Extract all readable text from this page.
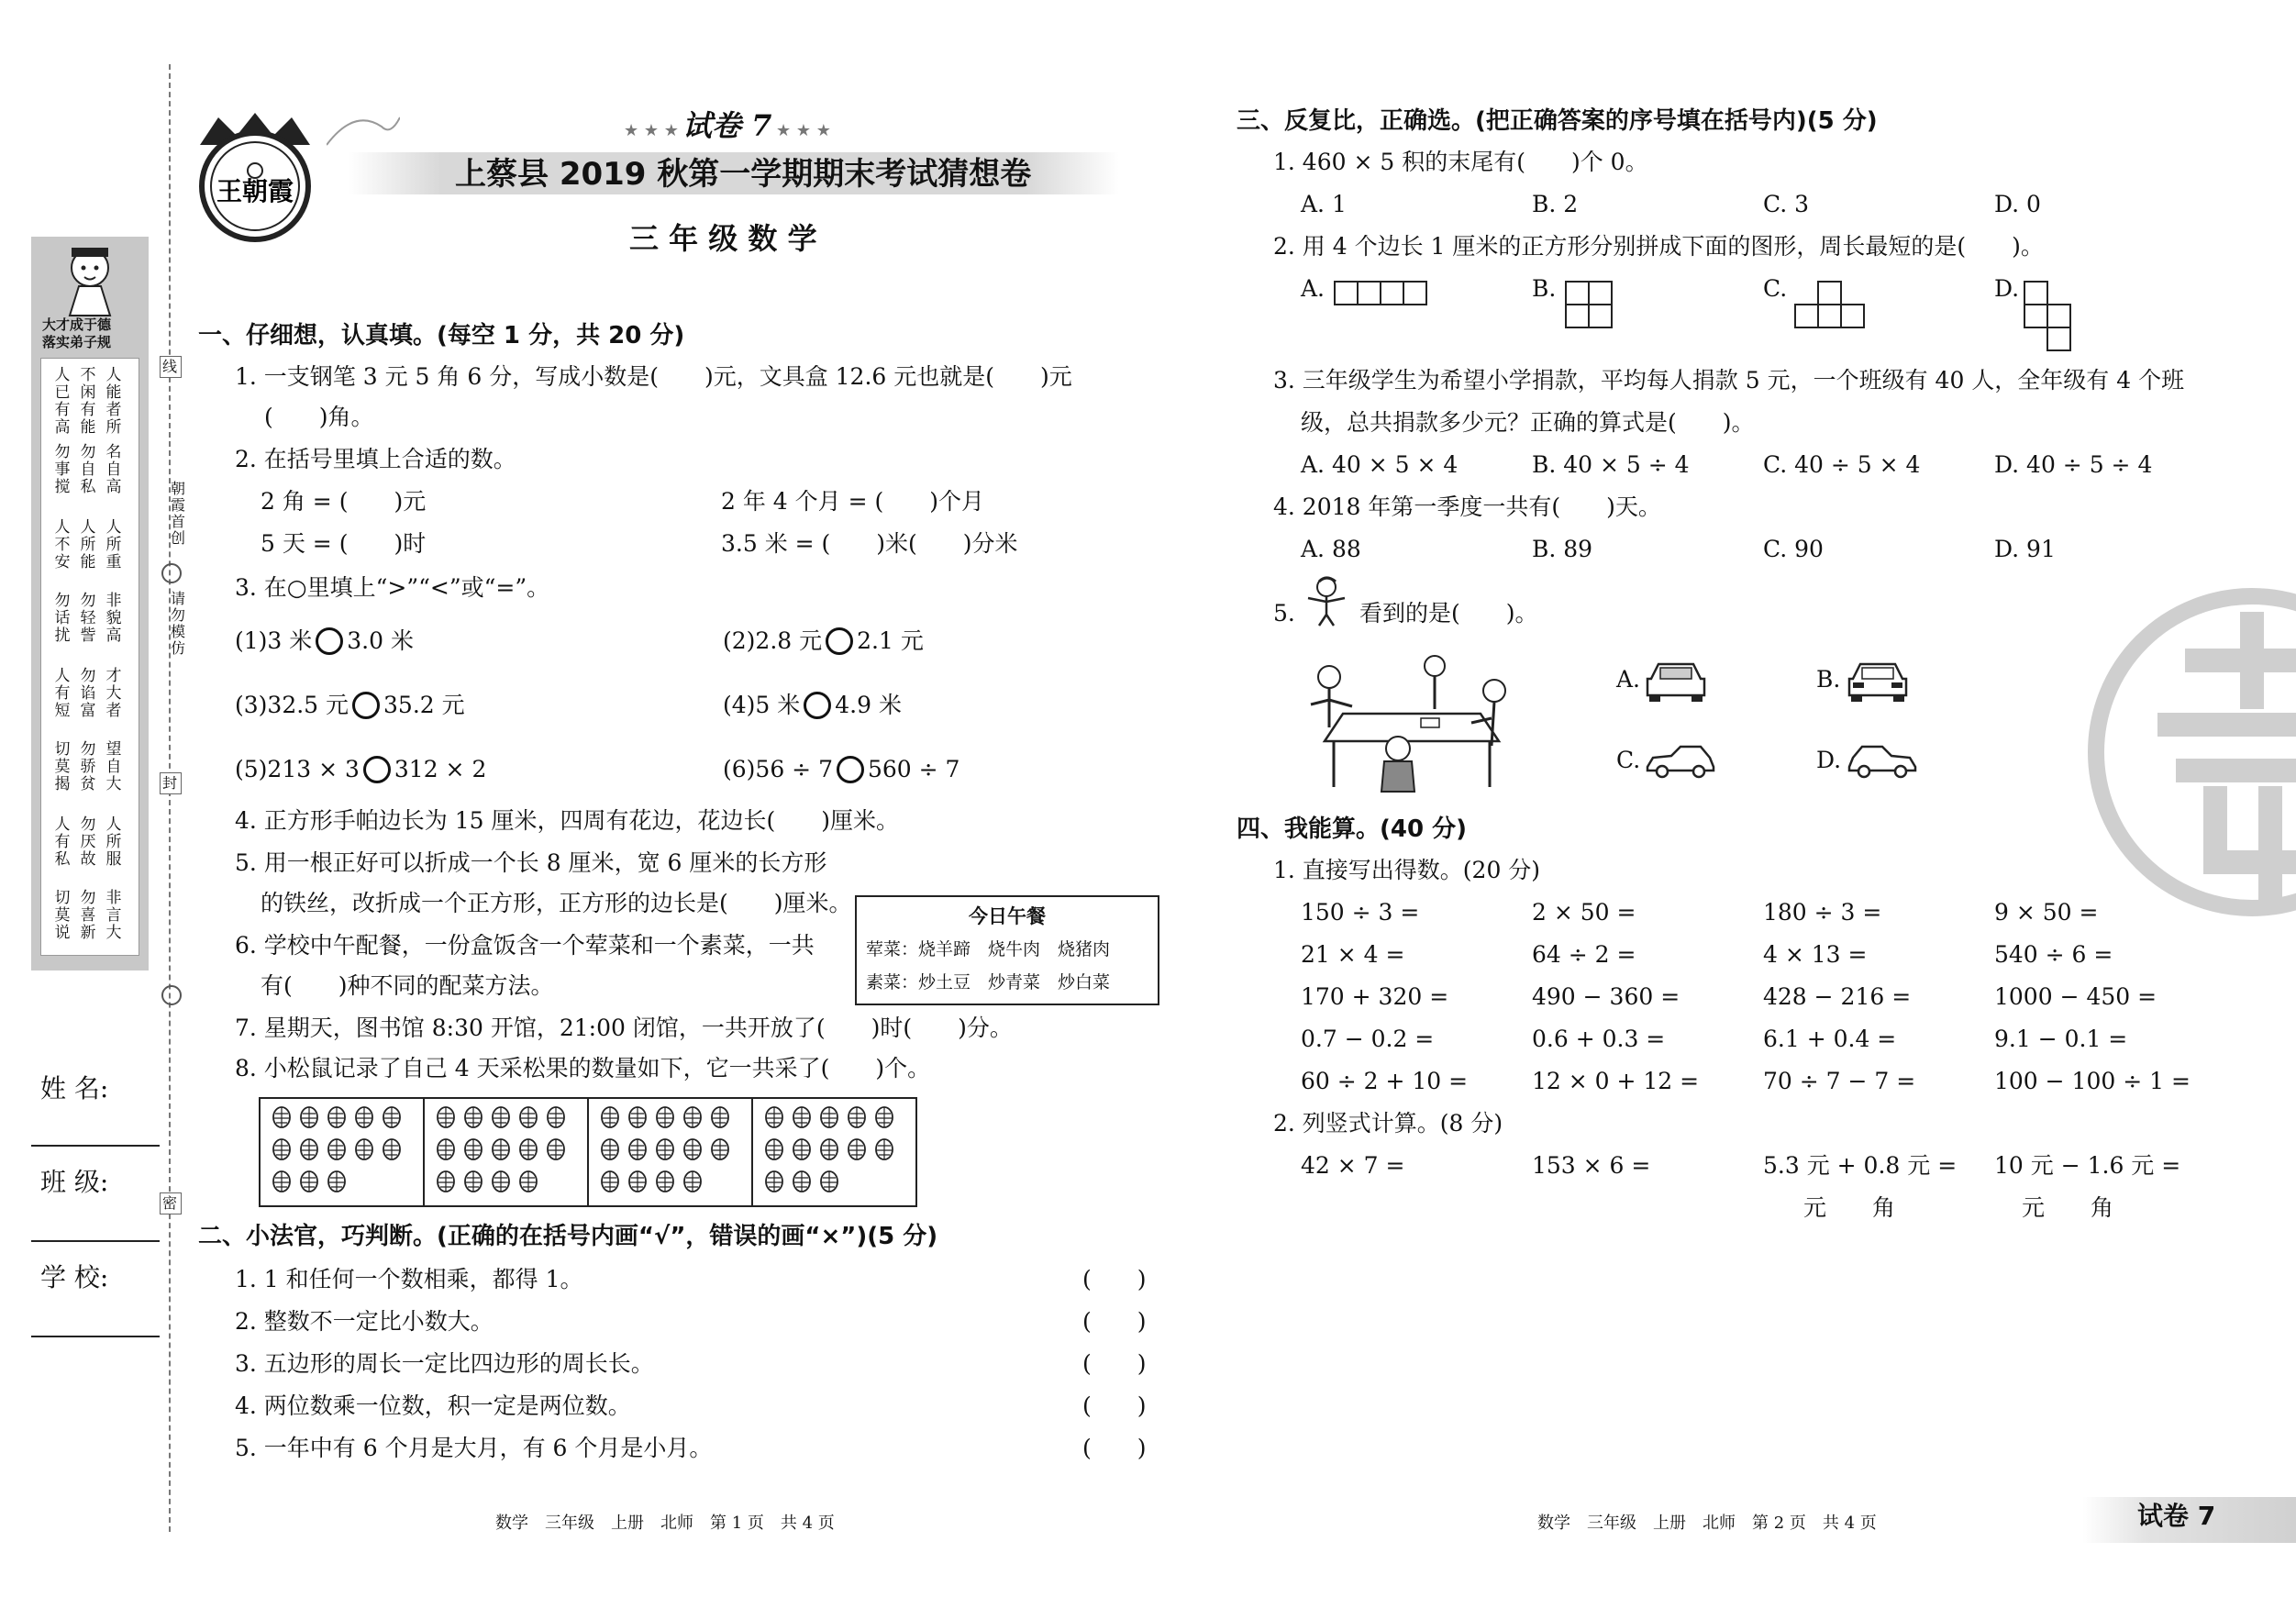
大才成于德
落实弟子规
人已有高
不闲有能
人能者所
勿事搅
勿自私
名自高
人不安
人所能
人所重
勿话扰
勿轻訾
非貌高
人有短
勿谄富
才大者
切莫揭
勿骄贫
望自大
人有私
勿厌故
人所服
切莫说
勿喜新
非言大
线
朝霞首创
请勿模仿
封
密
姓 名:
班 级:
学 校:
王朝霞
试卷 7
★ ★ ★	★ ★ ★
上蔡县 2019 秋第一学期期末考试猜想卷
三 年 级 数 学
一、仔细想，认真填。(每空 1 分，共 20 分)
1. 一支钢笔 3 元 5 角 6 分，写成小数是(　　)元，文具盒 12.6 元也就是(　　)元
(　　)角。
2. 在括号里填上合适的数。
2 角 = (　　)元	2 年 4 个月 = (　　)个月
5 天 = (　　)时	3.5 米 = (　　)米(　　)分米
3. 在○里填上“>”“<”或“=”。
(1)3 米 3.0 米	(2)2.8 元 2.1 元
(3)32.5 元 35.2 元	(4)5 米 4.9 米
(5)213 × 3 312 × 2	(6)56 ÷ 7 560 ÷ 7
4. 正方形手帕边长为 15 厘米，四周有花边，花边长(　　)厘米。
5. 用一根正好可以折成一个长 8 厘米，宽 6 厘米的长方形
的铁丝，改折成一个正方形，正方形的边长是(　　)厘米。
6. 学校中午配餐，一份盒饭含一个荤菜和一个素菜，一共
有(　　)种不同的配菜方法。
今日午餐
荤菜：烧羊蹄　烧牛肉　烧猪肉
素菜：炒土豆　炒青菜　炒白菜
7. 星期天，图书馆 8:30 开馆，21:00 闭馆，一共开放了(　　)时(　　)分。
8. 小松鼠记录了自己 4 天采松果的数量如下，它一共采了(　　)个。
二、小法官，巧判断。(正确的在括号内画“√”，错误的画“×”)(5 分)
1. 1 和任何一个数相乘，都得 1。
2. 整数不一定比小数大。
3. 五边形的周长一定比四边形的周长长。
4. 两位数乘一位数，积一定是两位数。
5. 一年中有 6 个月是大月，有 6 个月是小月。
(　　)
(　　)
(　　)
(　　)
(　　)
数学　三年级　上册　北师　第 1 页　共 4 页
三、反复比，正确选。(把正确答案的序号填在括号内)(5 分)
1. 460 × 5 积的末尾有(　　)个 0。
A. 1	B. 2	C. 3	D. 0
2. 用 4 个边长 1 厘米的正方形分别拼成下面的图形，周长最短的是(　　)。
A.	B.	C.	D.
3. 三年级学生为希望小学捐款，平均每人捐款 5 元，一个班级有 40 人，全年级有 4 个班
级，总共捐款多少元？正确的算式是(　　)。
A. 40 × 5 × 4	B. 40 × 5 ÷ 4	C. 40 ÷ 5 × 4	D. 40 ÷ 5 ÷ 4
4. 2018 年第一季度一共有(　　)天。
A. 88	B. 89	C. 90	D. 91
5.	看到的是(　　)。
A.	B.
C.	D.
四、我能算。(40 分)
1. 直接写出得数。(20 分)
150 ÷ 3 =	2 × 50 =	180 ÷ 3 =	9 × 50 =
21 × 4 =	64 ÷ 2 =	4 × 13 =	540 ÷ 6 =
170 + 320 =	490 − 360 =	428 − 216 =	1000 − 450 =
0.7 − 0.2 =	0.6 + 0.3 =	6.1 + 0.4 =	9.1 − 0.1 =
60 ÷ 2 + 10 =	12 × 0 + 12 =	70 ÷ 7 − 7 =	100 − 100 ÷ 1 =
2. 列竖式计算。(8 分)
42 × 7 =	153 × 6 =	5.3 元 + 0.8 元 = 10 元 − 1.6 元 =
元　　角	元　　角
数学　三年级　上册　北师　第 2 页　共 4 页	试卷 7
